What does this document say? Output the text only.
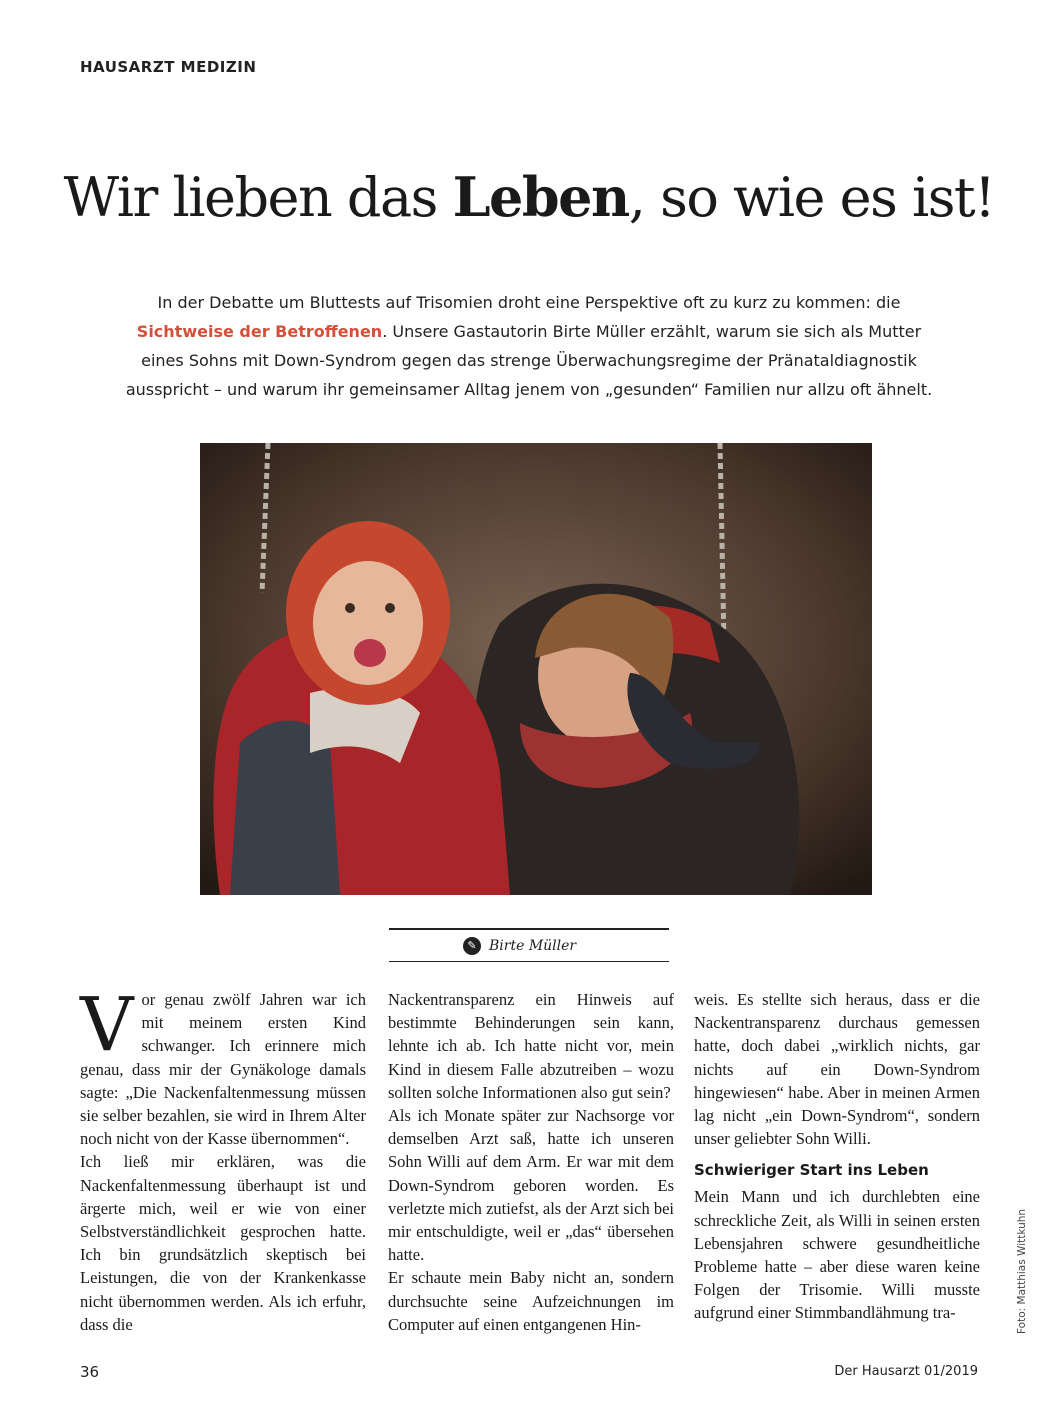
HAUSARZT MEDIZIN
Wir lieben das Leben, so wie es ist!
In der Debatte um Bluttests auf Trisomien droht eine Perspektive oft zu kurz zu kommen: die Sichtweise der Betroffenen. Unsere Gastautorin Birte Müller erzählt, warum sie sich als Mutter eines Sohns mit Down-Syndrom gegen das strenge Überwachungsregime der Pränataldiagnostik ausspricht – und warum ihr gemeinsamer Alltag jenem von „gesunden“ Familien nur allzu oft ähnelt.
✎ Birte Müller

Vor genau zwölf Jahren war ich mit meinem ersten Kind schwanger. Ich erinnere mich genau, dass mir der Gynäkologe damals sagte: „Die Nackenfaltenmessung müssen sie selber bezahlen, sie wird in Ihrem Alter noch nicht von der Kasse übernommen“.

Ich ließ mir erklären, was die Nackenfaltenmessung überhaupt ist und ärgerte mich, weil er wie von einer Selbstverständlichkeit gesprochen hatte. Ich bin grundsätzlich skeptisch bei Leistungen, die von der Krankenkasse nicht übernommen werden. Als ich erfuhr, dass die

Nackentransparenz ein Hinweis auf bestimmte Behinderungen sein kann, lehnte ich ab. Ich hatte nicht vor, mein Kind in diesem Falle abzutreiben – wozu sollten solche Informationen also gut sein?

Als ich Monate später zur Nachsorge vor demselben Arzt saß, hatte ich unseren Sohn Willi auf dem Arm. Er war mit dem Down-Syndrom geboren worden. Es verletzte mich zutiefst, als der Arzt sich bei mir entschuldigte, weil er „das“ übersehen hatte.

Er schaute mein Baby nicht an, sondern durchsuchte seine Aufzeichnungen im Computer auf einen entgangenen Hin-

weis. Es stellte sich heraus, dass er die Nackentransparenz durchaus gemessen hatte, doch dabei „wirklich nichts, gar nichts auf ein Down-Syndrom hingewiesen“ habe. Aber in meinen Armen lag nicht „ein Down-Syndrom“, sondern unser geliebter Sohn Willi.

Schwieriger Start ins Leben

Mein Mann und ich durchlebten eine schreckliche Zeit, als Willi in seinen ersten Lebensjahren schwere gesundheitliche Probleme hatte – aber diese waren keine Folgen der Trisomie. Willi musste aufgrund einer Stimmbandlähmung tra-	Foto: Matthias Wittkuhn
36	Der Hausarzt 01/2019
